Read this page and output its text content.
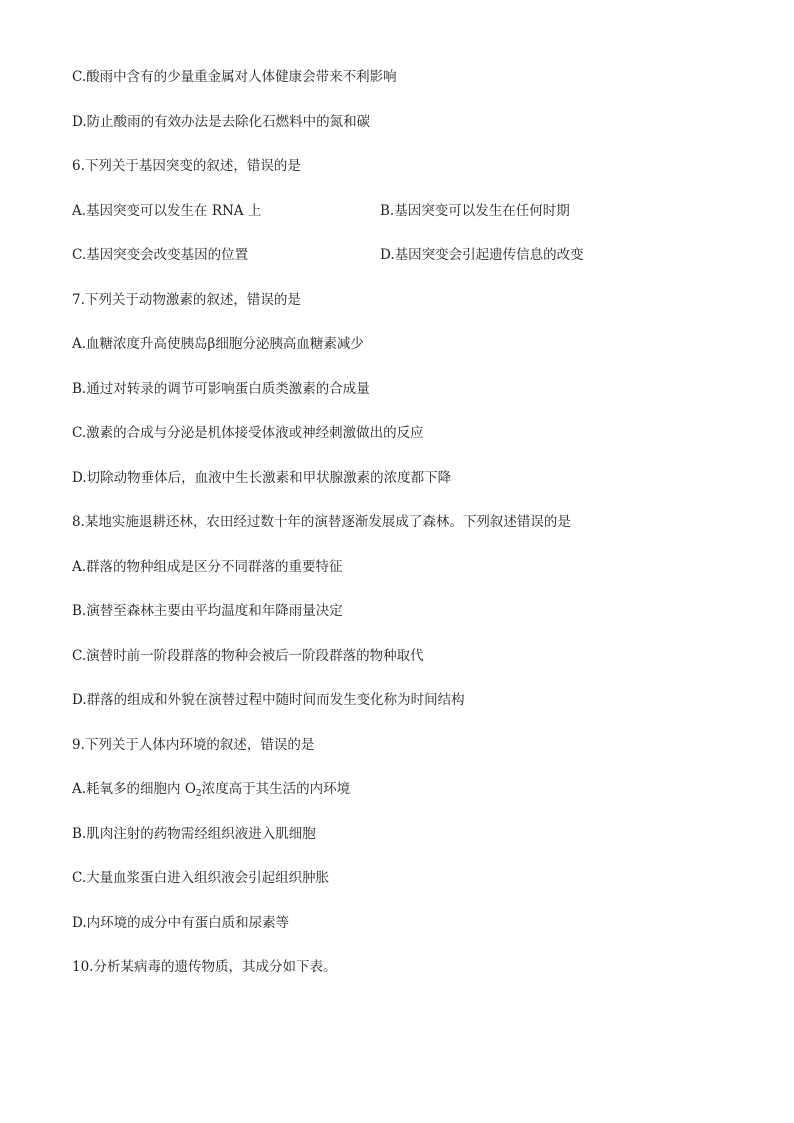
C.酸雨中含有的少量重金属对人体健康会带来不利影响
D.防止酸雨的有效办法是去除化石燃料中的氮和碳
6.下列关于基因突变的叙述，错误的是
A.基因突变可以发生在 RNA 上	B.基因突变可以发生在任何时期
C.基因突变会改变基因的位置	D.基因突变会引起遗传信息的改变
7.下列关于动物激素的叙述，错误的是
A.血糖浓度升高使胰岛β细胞分泌胰高血糖素减少
B.通过对转录的调节可影响蛋白质类激素的合成量
C.激素的合成与分泌是机体接受体液或神经刺激做出的反应
D.切除动物垂体后，血液中生长激素和甲状腺激素的浓度都下降
8.某地实施退耕还林，农田经过数十年的演替逐渐发展成了森林。下列叙述错误的是
A.群落的物种组成是区分不同群落的重要特征
B.演替至森林主要由平均温度和年降雨量决定
C.演替时前一阶段群落的物种会被后一阶段群落的物种取代
D.群落的组成和外貌在演替过程中随时间而发生变化称为时间结构
9.下列关于人体内环境的叙述，错误的是
A.耗氧多的细胞内 $O_2$浓度高于其生活的内环境
B.肌肉注射的药物需经组织液进入肌细胞
C.大量血浆蛋白进入组织液会引起组织肿胀
D.内环境的成分中有蛋白质和尿素等
10.分析某病毒的遗传物质，其成分如下表。
